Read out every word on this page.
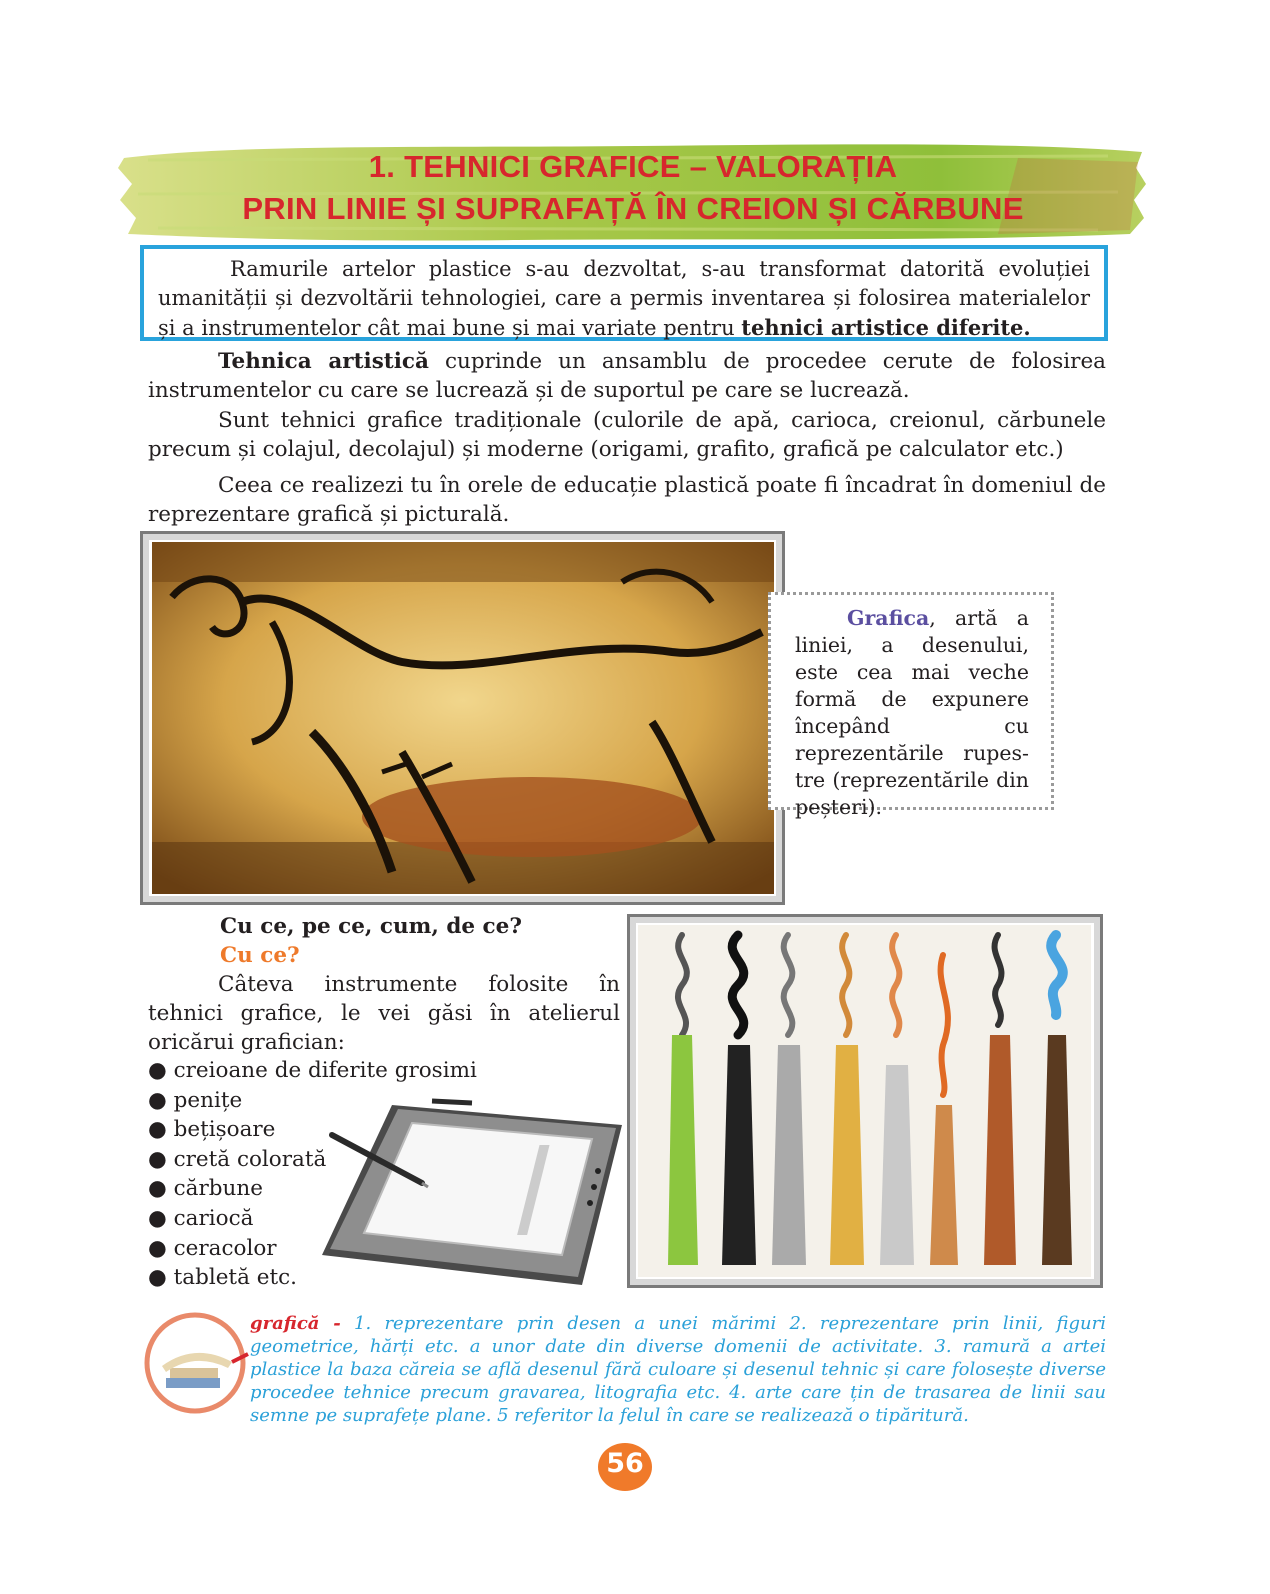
1. TEHNICI GRAFICE – VALORAȚIA
PRIN LINIE ȘI SUPRAFAȚĂ ÎN CREION ȘI CĂRBUNE
Ramurile artelor plastice s-au dezvoltat, s-au transformat datorită evoluției umanității și dezvoltării tehnologiei, care a permis inventarea și folosirea materialelor și a instrumentelor cât mai bune și mai variate pentru tehnici artistice diferite.
Tehnica artistică cuprinde un ansamblu de procedee cerute de folosirea instrumentelor cu care se lucrează și de suportul pe care se lucrează.
Sunt tehnici grafice tradiționale (culorile de apă, carioca, creionul, cărbunele precum și colajul, decolajul) și moderne (origami, grafito, grafică pe calculator etc.)
Ceea ce realizezi tu în orele de educație plastică poate fi încadrat în domeniul de reprezentare grafică și picturală.
Grafica, artă a liniei, a desenului, este cea mai veche formă de expunere începând cu reprezentările rupes-tre (reprezentările din peșteri).
Cu ce, pe ce, cum, de ce?
Cu ce?
Câteva instrumente folosite în tehnici grafice, le vei găsi în atelierul oricărui grafician:
● creioane de diferite grosimi
● penițe
● bețișoare
● cretă colorată
● cărbune
● cariocă
● ceracolor
● tabletă etc.
grafică - 1. reprezentare prin desen a unei mărimi 2. reprezentare prin linii, figuri geometrice, hărți etc. a unor date din diverse domenii de activitate. 3. ramură a artei plastice la baza căreia se află desenul fără culoare și desenul tehnic și care folosește diverse procedee tehnice precum gravarea, litografia etc. 4. arte care țin de trasarea de linii sau semne pe suprafețe plane. 5 referitor la felul în care se realizează o tipăritură.
56
